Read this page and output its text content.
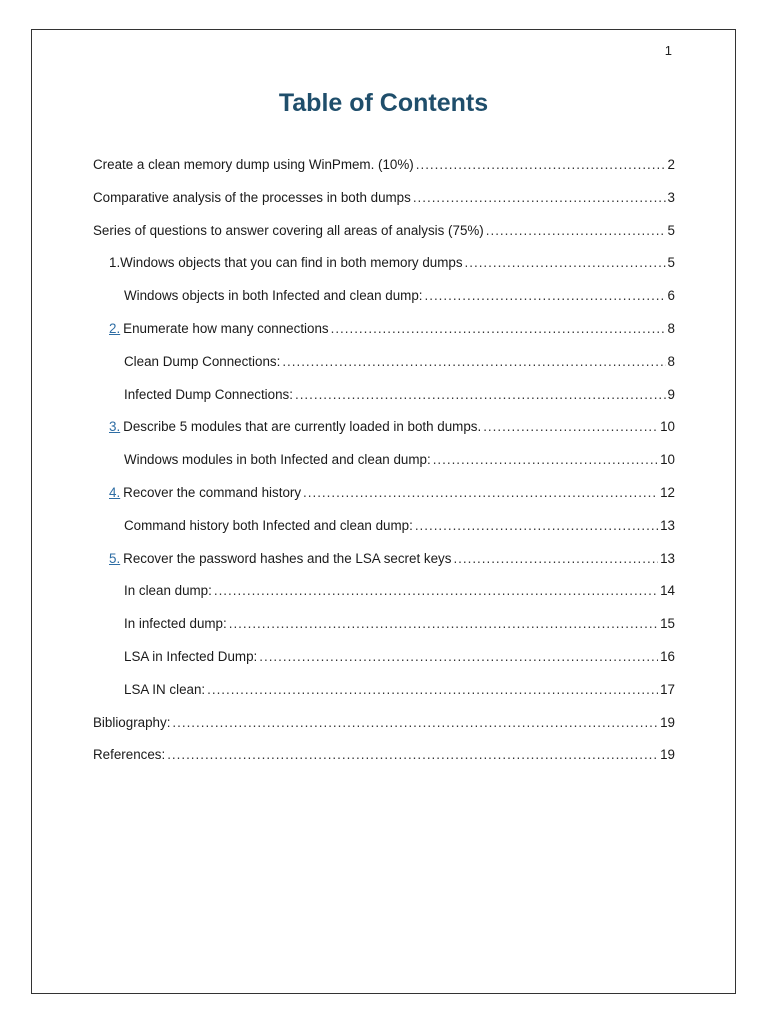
1
Table of Contents
Create a clean memory dump using WinPmem. (10%) .....	2
Comparative analysis of the processes in both dumps .....	3
Series of questions to answer covering all areas of analysis (75%) .....	5
1.Windows objects that you can find in both memory dumps .....	5
Windows objects in both Infected and clean dump: .....	6
2. Enumerate how many connections .....	8
Clean Dump Connections: .....	8
Infected Dump Connections: .....	9
3. Describe 5 modules that are currently loaded in both dumps. .....	10
Windows modules in both Infected and clean dump: .....	10
4. Recover the command history .....	12
Command history both Infected and clean dump: .....	13
5. Recover the password hashes and the LSA secret keys .....	13
In clean dump: .....	14
In infected dump: .....	15
LSA in Infected Dump: .....	16
LSA IN clean: .....	17
Bibliography: .....	19
References: .....	19
